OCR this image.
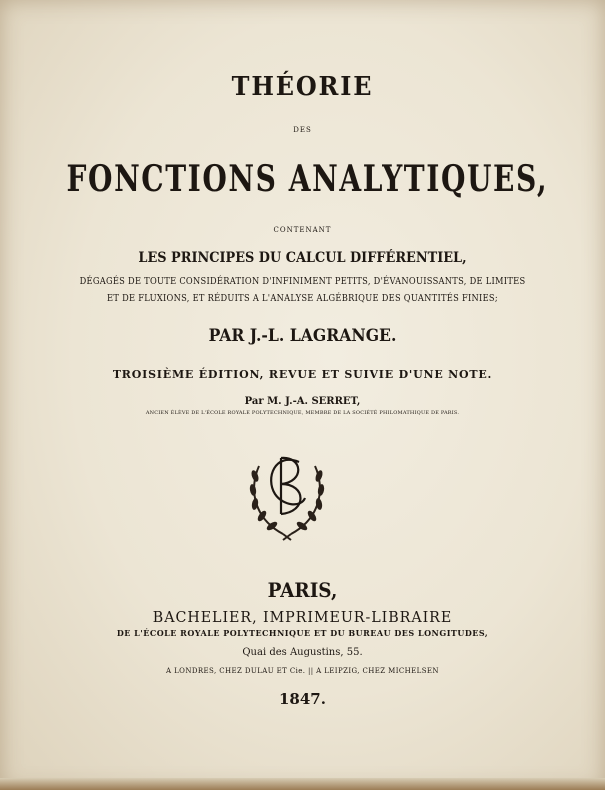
THÉORIE
DES
FONCTIONS ANALYTIQUES,
CONTENANT
LES PRINCIPES DU CALCUL DIFFÉRENTIEL,
DÉGAGÉS DE TOUTE CONSIDÉRATION D'INFINIMENT PETITS, D'ÉVANOUISSANTS, DE LIMITES
ET DE FLUXIONS, ET RÉDUITS A L'ANALYSE ALGÉBRIQUE DES QUANTITÉS FINIES;
PAR J.-L. LAGRANGE.
TROISIÈME ÉDITION, REVUE ET SUIVIE D'UNE NOTE.
Par M. J.-A. SERRET,
ANCIEN ÉLÈVE DE L'ÉCOLE ROYALE POLYTECHNIQUE, MEMBRE DE LA SOCIÉTÉ PHILOMATHIQUE DE PARIS.
PARIS,
BACHELIER, IMPRIMEUR-LIBRAIRE
DE L'ÉCOLE ROYALE POLYTECHNIQUE ET DU BUREAU DES LONGITUDES,
Quai des Augustins, 55.
A LONDRES, CHEZ DULAU ET Cie. || A LEIPZIG, CHEZ MICHELSEN
1847.
